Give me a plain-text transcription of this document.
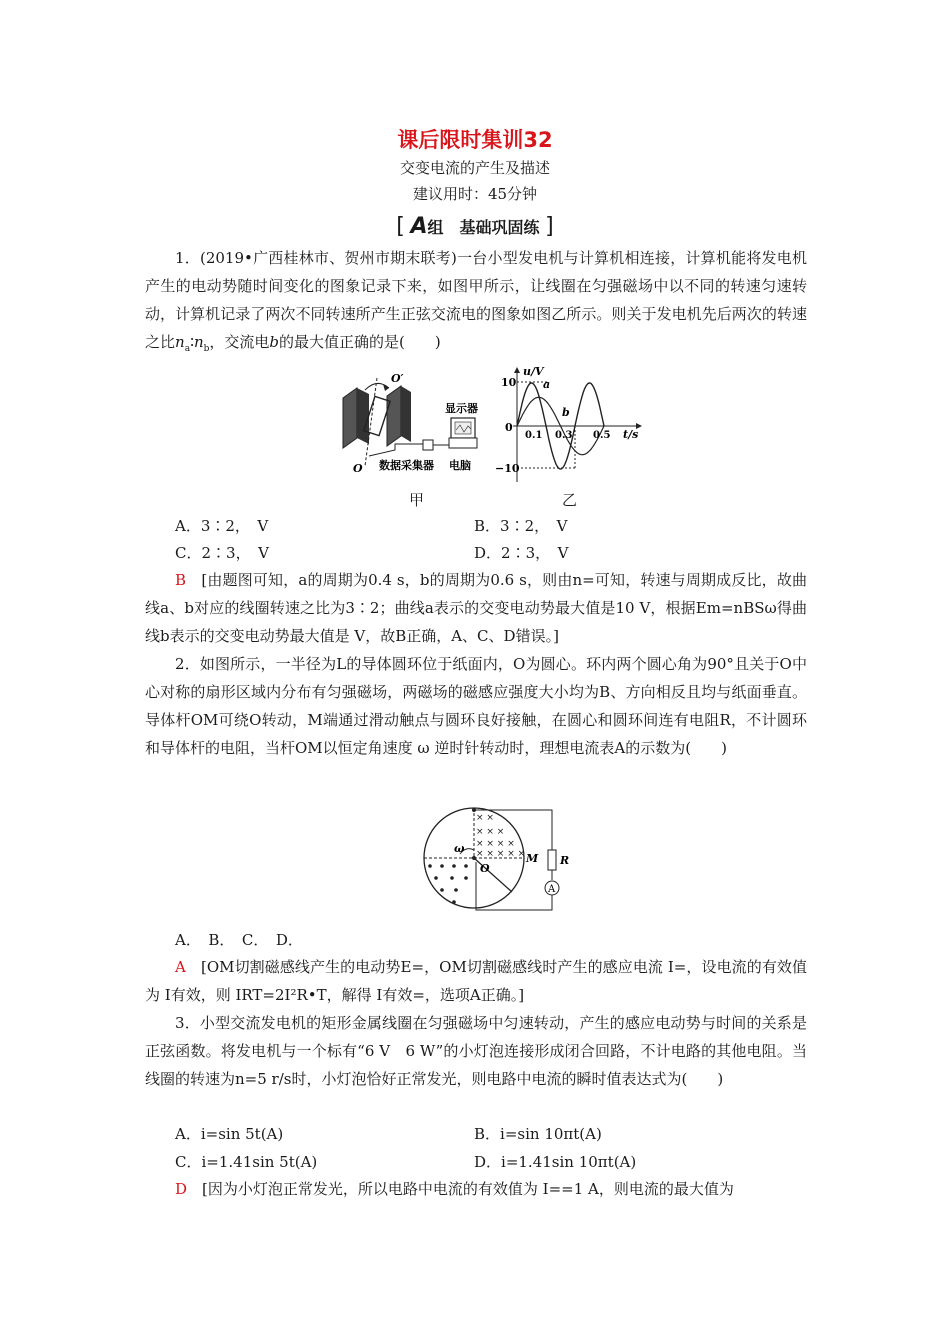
课后限时集训32
交变电流的产生及描述
建议用时：45分钟
[ A组　基础巩固练 ]

1．(2019•广西桂林市、贺州市期末联考)一台小型发电机与计算机相连接，计算机能将发电机产生的电动势随时间变化的图象记录下来，如图甲所示，让线圈在匀强磁场中以不同的转速匀速转动，计算机记录了两次不同转速所产生正弦交流电的图象如图乙所示。则关于发电机先后两次的转速之比$n_a∶n_b$，交流电b的最大值正确的是(　　)

O′
O
显示器
数据采集器 电脑
u/V
t/s
10
−10
0
0.1 0.3 0.5
a
b
甲	乙
A．3∶2，　V	B．3∶2，　V
C．2∶3，　V	D．2∶3，　V

B　 [由题图可知，a的周期为0.4 s，b的周期为0.6 s，则由n=可知，转速与周期成反比，故曲线a、b对应的线圈转速之比为3∶2；曲线a表示的交变电动势最大值是10 V，根据Em=nBSω得曲线b表示的交变电动势最大值是 V，故B正确，A、C、D错误。]

2．如图所示，一半径为L的导体圆环位于纸面内，O为圆心。环内两个圆心角为90°且关于O中心对称的扇形区域内分布有匀强磁场，两磁场的磁感应强度大小均为B、方向相反且均与纸面垂直。导体杆OM可绕O转动，M端通过滑动触点与圆环良好接触，在圆心和圆环间连有电阻R，不计圆环和导体杆的电阻，当杆OM以恒定角速度 ω 逆时针转动时，理想电流表A的示数为(　　)

× ×
× × ×
× × × ×
× × × × ×
A
ω
O
M R
A．　B．　C．　D．

A　 [OM切割磁感线产生的电动势E=，OM切割磁感线时产生的感应电流 I=，设电流的有效值为 I有效，则 IRT=2I²R•T，解得 I有效=，选项A正确。]

3．小型交流发电机的矩形金属线圈在匀强磁场中匀速转动，产生的感应电动势与时间的关系是正弦函数。将发电机与一个标有“6 V　6 W”的小灯泡连接形成闭合回路，不计电路的其他电阻。当线圈的转速为n=5 r/s时，小灯泡恰好正常发光，则电路中电流的瞬时值表达式为(　　)

A．i=sin 5t(A)	B．i=sin 10πt(A)
C．i=1.41sin 5t(A)	D．i=1.41sin 10πt(A)

D　 [因为小灯泡正常发光，所以电路中电流的有效值为 I==1 A，则电流的最大值为
